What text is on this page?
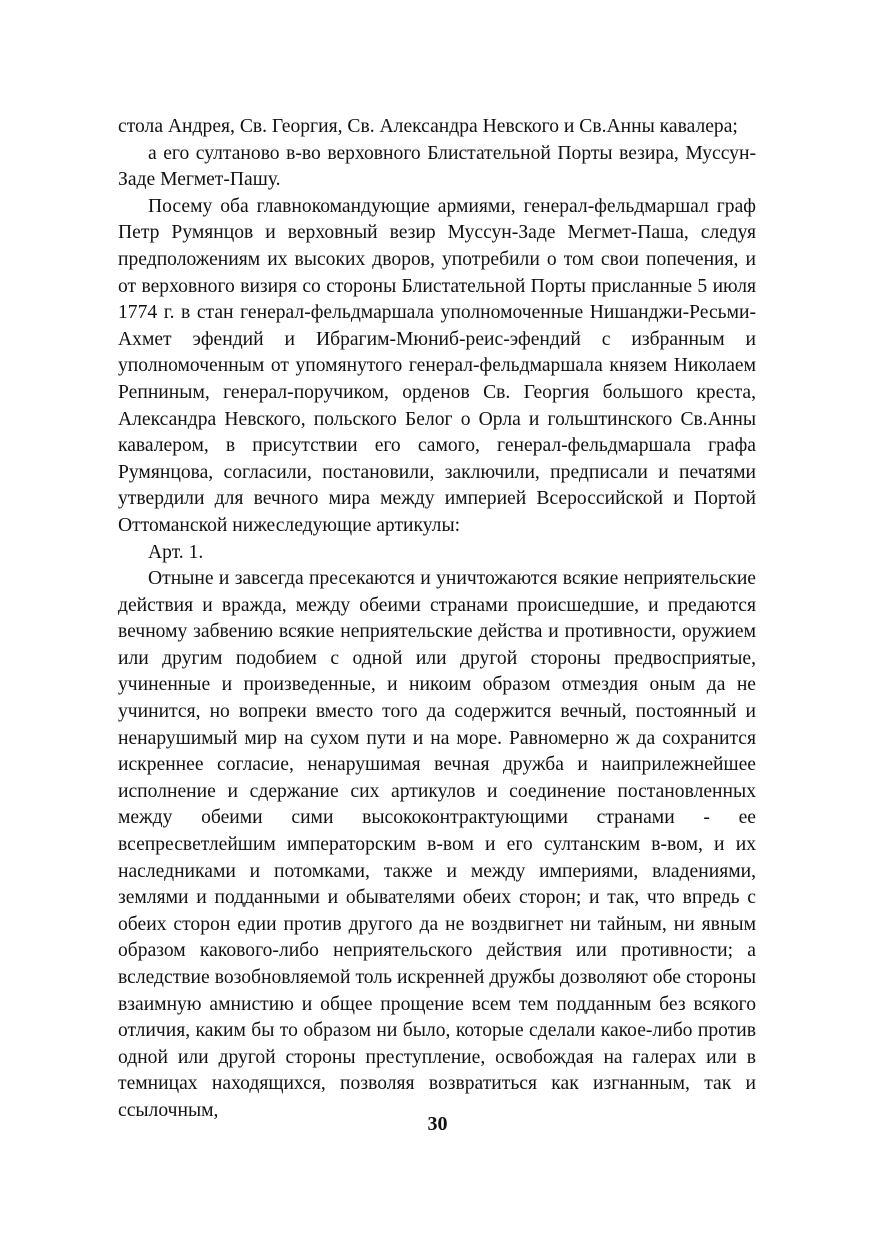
стола Андрея, Св. Георгия, Св. Александра Невского и Св.Анны кавалера;

а его султаново в-во верховного Блистательной Порты везира, Муссун-Заде Мегмет-Пашу.

Посему оба главнокомандующие армиями, генерал-фельдмаршал граф Петр Румянцов и верховный везир Муссун-Заде Мегмет-Паша, следуя предположениям их высоких дворов, употребили о том свои попечения, и от верховного визиря со стороны Блистательной Порты присланные 5 июля 1774 г. в стан генерал-фельдмаршала уполномоченные Нишанджи-Ресьми-Ахмет эфендий и Ибрагим-Мюниб-реис-эфендий с избранным и уполномоченным от упомянутого генерал-фельдмаршала князем Николаем Репниным, генерал-поручиком, орденов Св. Георгия большого креста, Александра Невского, польского Белог о Орла и гольштинского Св.Анны кавалером, в присутствии его самого, генерал-фельдмаршала графа Румянцова, согласили, постановили, заключили, предписали и печатями утвердили для вечного мира между империей Всероссийской и Портой Оттоманской нижеследующие артикулы:

Арт. 1.

Отныне и завсегда пресекаются и уничтожаются всякие неприятельские действия и вражда, между обеими странами происшедшие, и предаются вечному забвению всякие неприятельские действа и противности, оружием или другим подобием с одной или другой стороны предвосприятые, учиненные и произведенные, и никоим образом отмездия оным да не учинится, но вопреки вместо того да содержится вечный, постоянный и ненарушимый мир на сухом пути и на море. Равномерно ж да сохранится искреннее согласие, ненарушимая вечная дружба и наиприлежнейшее исполнение и сдержание сих артикулов и соединение постановленных между обеими сими высококонтрактующими странами - ее всепресветлейшим императорским в-вом и его султанским в-вом, и их наследниками и потомками, также и между империями, владениями, землями и подданными и обывателями обеих сторон; и так, что впредь с обеих сторон едии против другого да не воздвигнет ни тайным, ни явным образом какового-либо неприятельского действия или противности; а вследствие возобновляемой толь искренней дружбы дозволяют обе стороны взаимную амнистию и общее прощение всем тем подданным без всякого отличия, каким бы то образом ни было, которые сделали какое-либо против одной или другой стороны преступление, освобождая на галерах или в темницах находящихся, позволяя возвратиться как изгнанным, так и ссылочным,

30
